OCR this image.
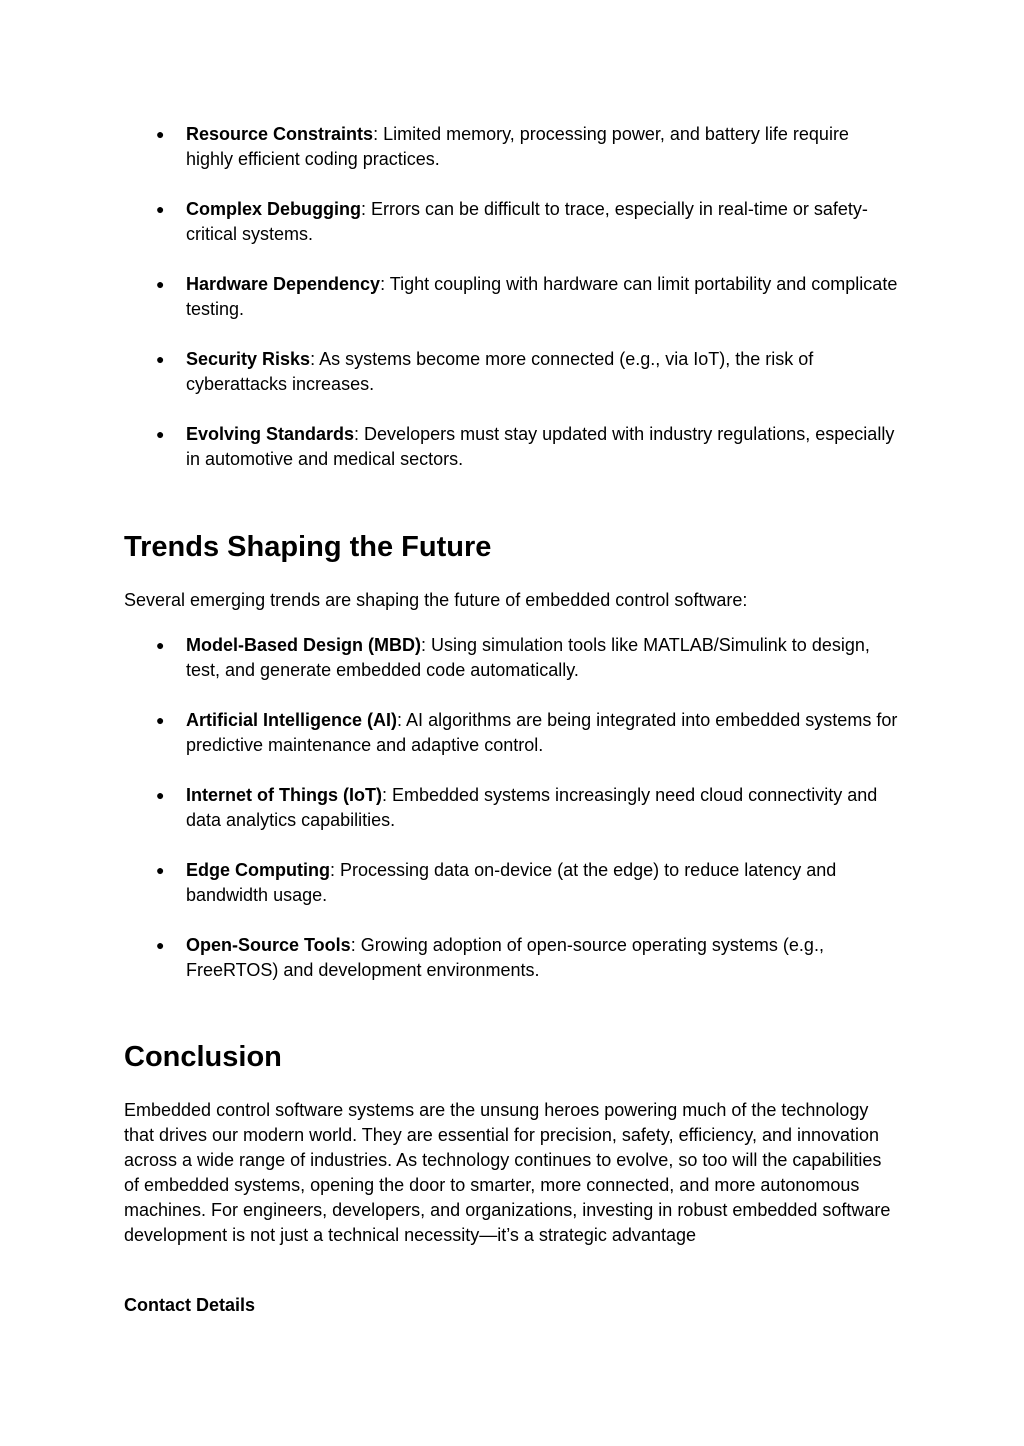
● Resource Constraints: Limited memory, processing power, and battery life require highly efficient coding practices.
● Complex Debugging: Errors can be difficult to trace, especially in real-time or safety-critical systems.
● Hardware Dependency: Tight coupling with hardware can limit portability and complicate testing.
● Security Risks: As systems become more connected (e.g., via IoT), the risk of cyberattacks increases.
● Evolving Standards: Developers must stay updated with industry regulations, especially in automotive and medical sectors.
Trends Shaping the Future

Several emerging trends are shaping the future of embedded control software:

● Model-Based Design (MBD): Using simulation tools like MATLAB/Simulink to design, test, and generate embedded code automatically.
● Artificial Intelligence (AI): AI algorithms are being integrated into embedded systems for predictive maintenance and adaptive control.
● Internet of Things (IoT): Embedded systems increasingly need cloud connectivity and data analytics capabilities.
● Edge Computing: Processing data on-device (at the edge) to reduce latency and bandwidth usage.
● Open-Source Tools: Growing adoption of open-source operating systems (e.g., FreeRTOS) and development environments.
Conclusion

Embedded control software systems are the unsung heroes powering much of the technology that drives our modern world. They are essential for precision, safety, efficiency, and innovation across a wide range of industries. As technology continues to evolve, so too will the capabilities of embedded systems, opening the door to smarter, more connected, and more autonomous machines. For engineers, developers, and organizations, investing in robust embedded software development is not just a technical necessity—it’s a strategic advantage

Contact Details
